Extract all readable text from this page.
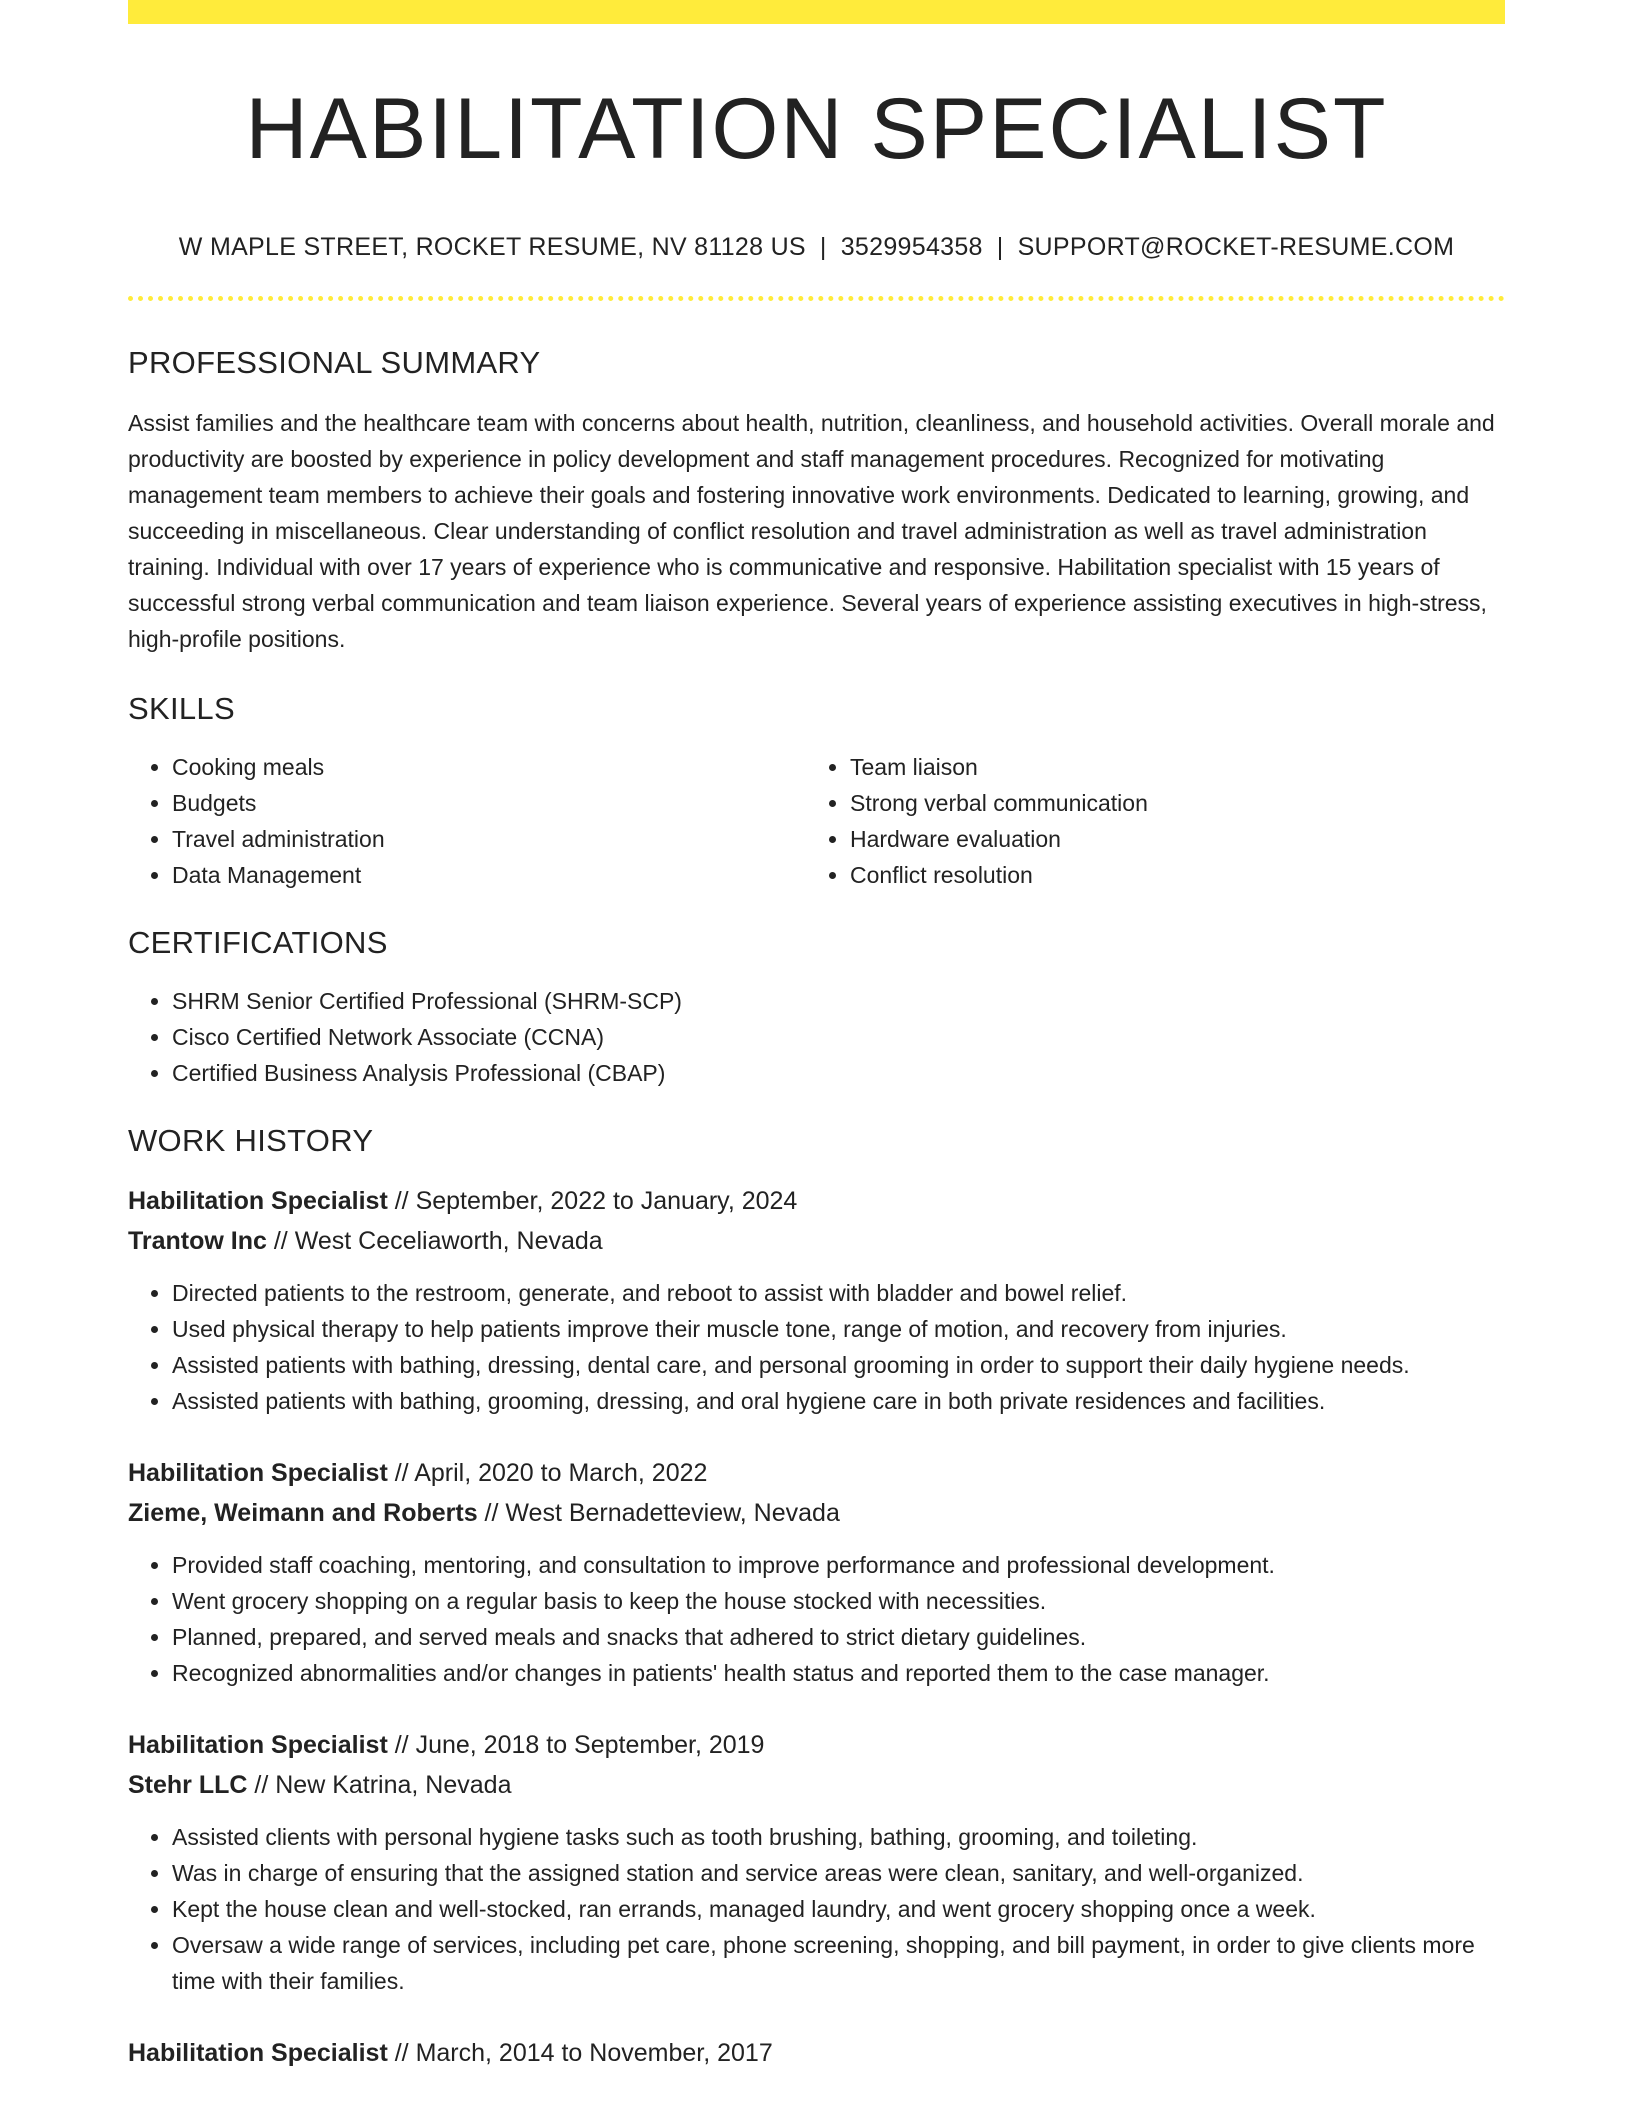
HABILITATION SPECIALIST
W MAPLE STREET, ROCKET RESUME, NV 81128 US | 3529954358 | SUPPORT@ROCKET-RESUME.COM
PROFESSIONAL SUMMARY

Assist families and the healthcare team with concerns about health, nutrition, cleanliness, and household activities. Overall morale and productivity are boosted by experience in policy development and staff management procedures. Recognized for motivating management team members to achieve their goals and fostering innovative work environments. Dedicated to learning, growing, and succeeding in miscellaneous. Clear understanding of conflict resolution and travel administration as well as travel administration training. Individual with over 17 years of experience who is communicative and responsive. Habilitation specialist with 15 years of successful strong verbal communication and team liaison experience. Several years of experience assisting executives in high-stress, high-profile positions.

SKILLS
• Cooking meals
• Budgets
• Travel administration
• Data Management
• Team liaison
• Strong verbal communication
• Hardware evaluation
• Conflict resolution
CERTIFICATIONS
• SHRM Senior Certified Professional (SHRM-SCP)
• Cisco Certified Network Associate (CCNA)
• Certified Business Analysis Professional (CBAP)
WORK HISTORY
Habilitation Specialist // September, 2022 to January, 2024
Trantow Inc // West Ceceliaworth, Nevada
• Directed patients to the restroom, generate, and reboot to assist with bladder and bowel relief.
• Used physical therapy to help patients improve their muscle tone, range of motion, and recovery from injuries.
• Assisted patients with bathing, dressing, dental care, and personal grooming in order to support their daily hygiene needs.
• Assisted patients with bathing, grooming, dressing, and oral hygiene care in both private residences and facilities.
Habilitation Specialist // April, 2020 to March, 2022
Zieme, Weimann and Roberts // West Bernadetteview, Nevada
• Provided staff coaching, mentoring, and consultation to improve performance and professional development.
• Went grocery shopping on a regular basis to keep the house stocked with necessities.
• Planned, prepared, and served meals and snacks that adhered to strict dietary guidelines.
• Recognized abnormalities and/or changes in patients' health status and reported them to the case manager.
Habilitation Specialist // June, 2018 to September, 2019
Stehr LLC // New Katrina, Nevada
• Assisted clients with personal hygiene tasks such as tooth brushing, bathing, grooming, and toileting.
• Was in charge of ensuring that the assigned station and service areas were clean, sanitary, and well-organized.
• Kept the house clean and well-stocked, ran errands, managed laundry, and went grocery shopping once a week.
• Oversaw a wide range of services, including pet care, phone screening, shopping, and bill payment, in order to give clients more time with their families.
Habilitation Specialist // March, 2014 to November, 2017
